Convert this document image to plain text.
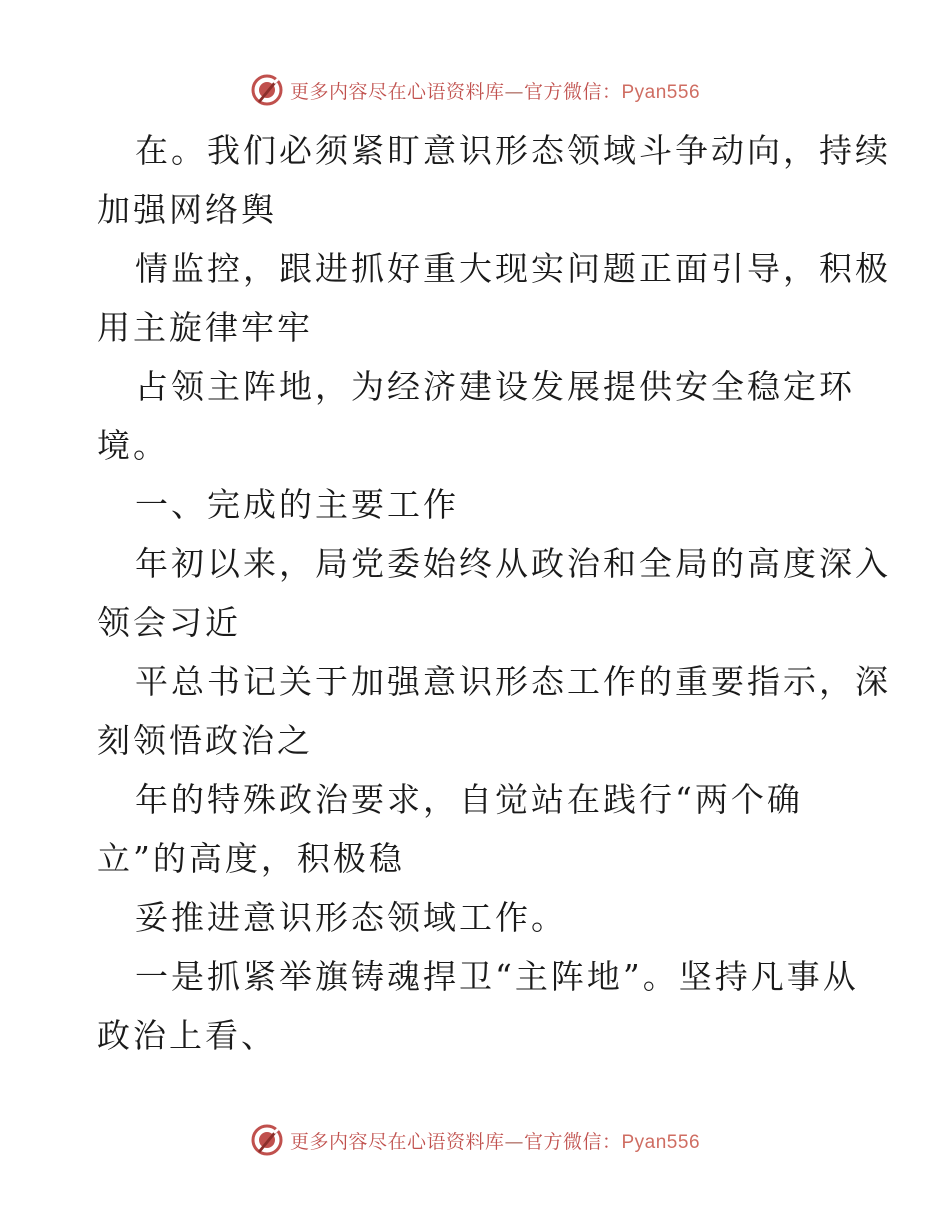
更多内容尽在心语资料库—官方微信：Pyan556
在。我们必须紧盯意识形态领域斗争动向，持续
加强网络舆
情监控，跟进抓好重大现实问题正面引导，积极
用主旋律牢牢
占领主阵地，为经济建设发展提供安全稳定环
境。
一、完成的主要工作
年初以来，局党委始终从政治和全局的高度深入
领会习近
平总书记关于加强意识形态工作的重要指示，深
刻领悟政治之
年的特殊政治要求，自觉站在践行“两个确
立”的高度，积极稳
妥推进意识形态领域工作。
一是抓紧举旗铸魂捍卫“主阵地”。坚持凡事从
政治上看、
更多内容尽在心语资料库—官方微信：Pyan556
